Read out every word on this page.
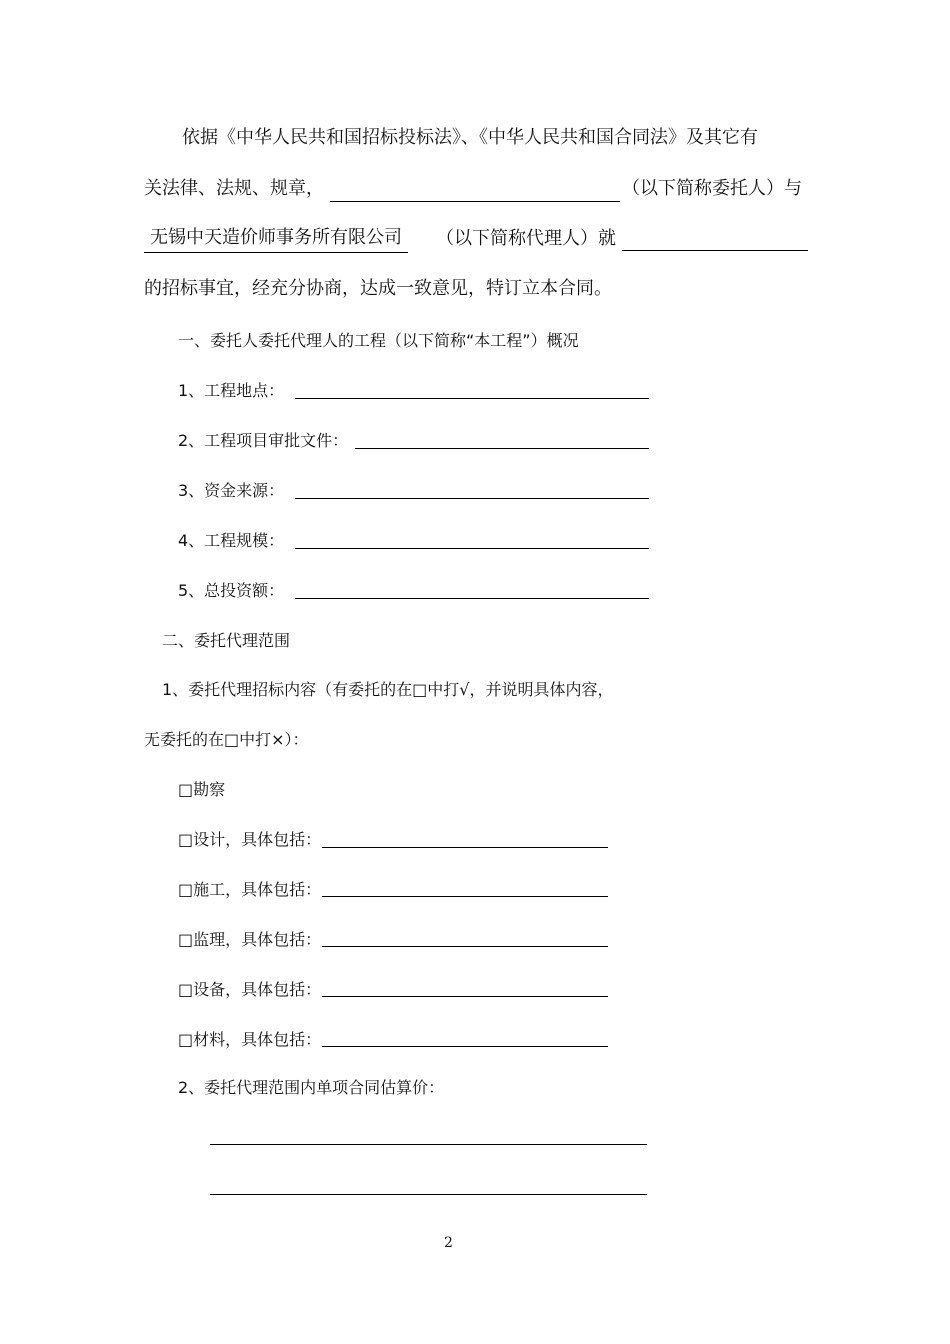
依据《中华人民共和国招标投标法》、《中华人民共和国合同法》及其它有
关法律、法规、规章，	（以下简称委托人）与
无锡中天造价师事务所有限公司	（以下简称代理人）就
的招标事宜，经充分协商，达成一致意见，特订立本合同。
一、委托人委托代理人的工程（以下简称“本工程”）概况
1、工程地点：
2、工程项目审批文件：
3、资金来源：
4、工程规模：
5、总投资额：
二、委托代理范围
1、委托代理招标内容（有委托的在□中打√，并说明具体内容，
无委托的在□中打×）：
□勘察
□设计，具体包括：
□施工，具体包括：
□监理，具体包括：
□设备，具体包括：
□材料，具体包括：
2、委托代理范围内单项合同估算价：
2
